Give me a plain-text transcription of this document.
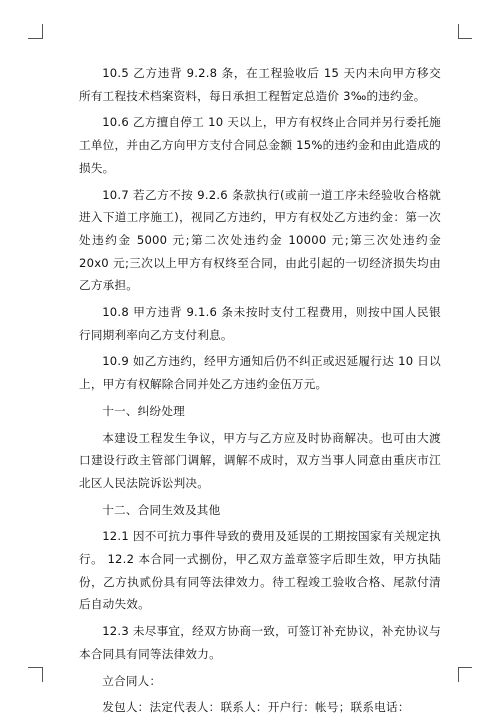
10.5 乙方违背 9.2.8 条，在工程验收后 15 天内未向甲方移交所有工程技术档案资料，每日承担工程暂定总造价 3‰的违约金。

10.6 乙方擅自停工 10 天以上，甲方有权终止合同并另行委托施工单位，并由乙方向甲方支付合同总金额 15%的违约金和由此造成的损失。

10.7 若乙方不按 9.2.6 条款执行(或前一道工序未经验收合格就进入下道工序施工)，视同乙方违约，甲方有权处乙方违约金：第一次处违约金 5000 元;第二次处违约金 10000 元;第三次处违约金 20x0 元;三次以上甲方有权终至合同，由此引起的一切经济损失均由乙方承担。

10.8 甲方违背 9.1.6 条未按时支付工程费用，则按中国人民银行同期利率向乙方支付利息。

10.9 如乙方违约，经甲方通知后仍不纠正或迟延履行达 10 日以上，甲方有权解除合同并处乙方违约金伍万元。

十一、纠纷处理

本建设工程发生争议，甲方与乙方应及时协商解决。也可由大渡口建设行政主管部门调解，调解不成时，双方当事人同意由重庆市江北区人民法院诉讼判决。

十二、合同生效及其他

12.1 因不可抗力事件导致的费用及延误的工期按国家有关规定执行。 12.2 本合同一式捌份，甲乙双方盖章签字后即生效，甲方执陆份，乙方执贰份具有同等法律效力。待工程竣工验收合格、尾款付清后自动失效。

12.3 未尽事宜，经双方协商一致，可签订补充协议，补充协议与本合同具有同等法律效力。

立合同人：

发包人：法定代表人：联系人：开户行：帐号；联系电话：
